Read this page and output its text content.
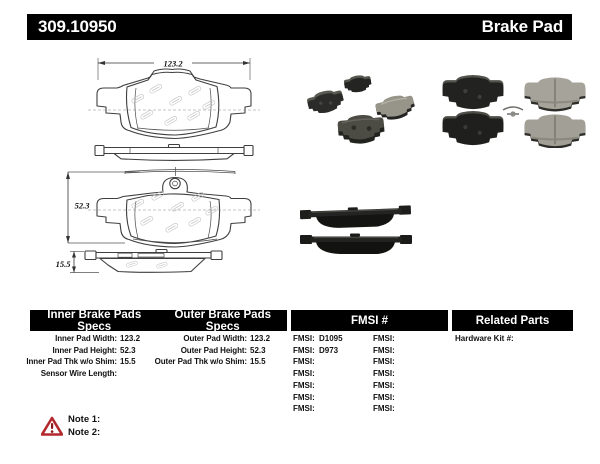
309.10950	Brake Pad
123.2
52.3
15.5
Inner Brake Pads Specs
Outer Brake Pads Specs	FMSI #	Related Parts
Inner Pad Width: 123.2
Inner Pad Height: 52.3
Inner Pad Thk w/o Shim: 15.5
Sensor Wire Length:
Outer Pad Width: 123.2
Outer Pad Height: 52.3
Outer Pad Thk w/o Shim: 15.5
FMSI: D1095
FMSI: D973
FMSI:
FMSI:
FMSI:
FMSI:
FMSI:
FMSI:
FMSI:
FMSI:
FMSI:
FMSI:
FMSI:
FMSI:
Hardware Kit #:
Note 1:
Note 2:
